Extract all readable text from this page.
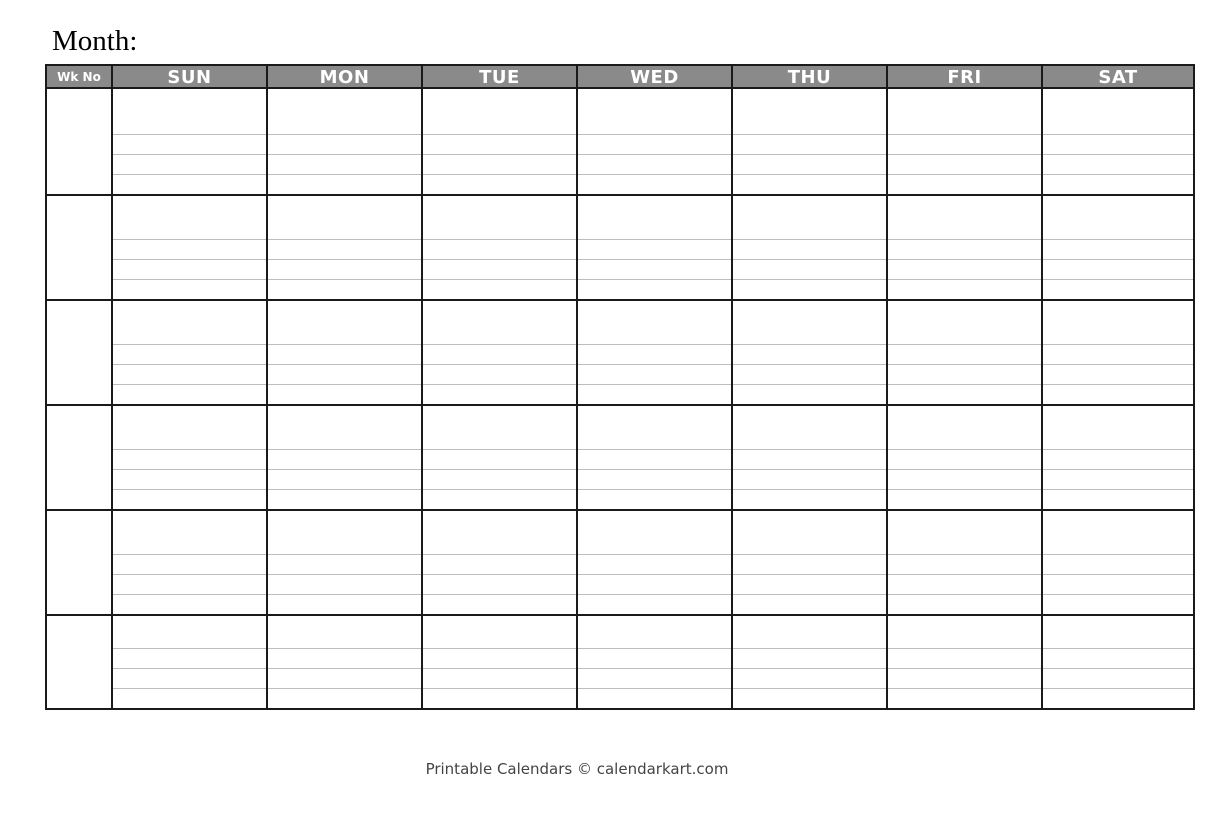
Month:
Wk No	SUN	MON	TUE	WED	THU	FRI	SAT
Printable Calendars © calendarkart.com
